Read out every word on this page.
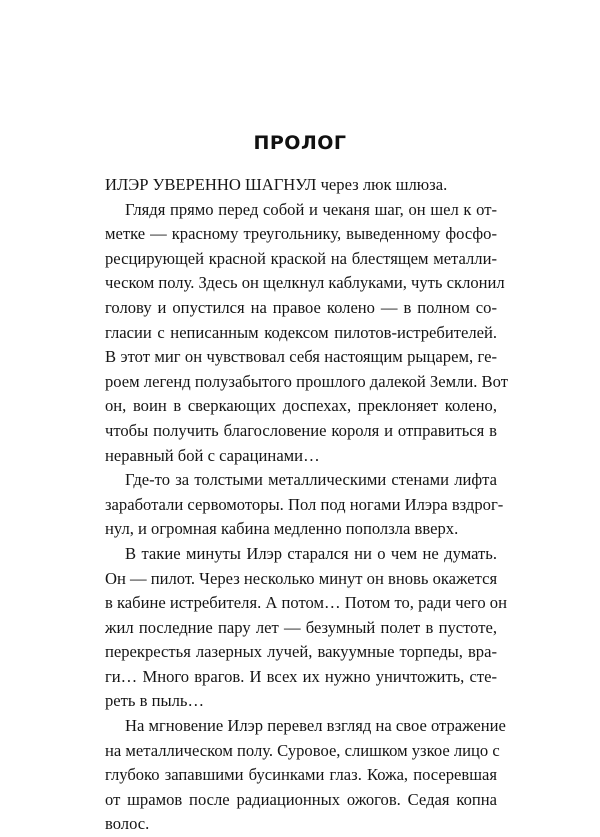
ПРОЛОГ
ИЛЭР УВЕРЕННО ШАГНУЛ через люк шлюза.
Глядя прямо перед собой и чеканя шаг, он шел к от-
метке — красному треугольнику, выведенному фосфо-
ресцирующей красной краской на блестящем металли-
ческом полу. Здесь он щелкнул каблуками, чуть склонил
голову и опустился на правое колено — в полном со-
гласии с неписанным кодексом пилотов-истребителей.
В этот миг он чувствовал себя настоящим рыцарем, ге-
роем легенд полузабытого прошлого далекой Земли. Вот
он, воин в сверкающих доспехах, преклоняет колено,
чтобы получить благословение короля и отправиться в
неравный бой с сарацинами…
Где-то за толстыми металлическими стенами лифта
заработали сервомоторы. Пол под ногами Илэра вздрог-
нул, и огромная кабина медленно поползла вверх.
В такие минуты Илэр старался ни о чем не думать.
Он — пилот. Через несколько минут он вновь окажется
в кабине истребителя. А потом… Потом то, ради чего он
жил последние пару лет — безумный полет в пустоте,
перекрестья лазерных лучей, вакуумные торпеды, вра-
ги… Много врагов. И всех их нужно уничтожить, сте-
реть в пыль…
На мгновение Илэр перевел взгляд на свое отражение
на металлическом полу. Суровое, слишком узкое лицо с
глубоко запавшими бусинками глаз. Кожа, посеревшая
от шрамов после радиационных ожогов. Седая копна
волос.
